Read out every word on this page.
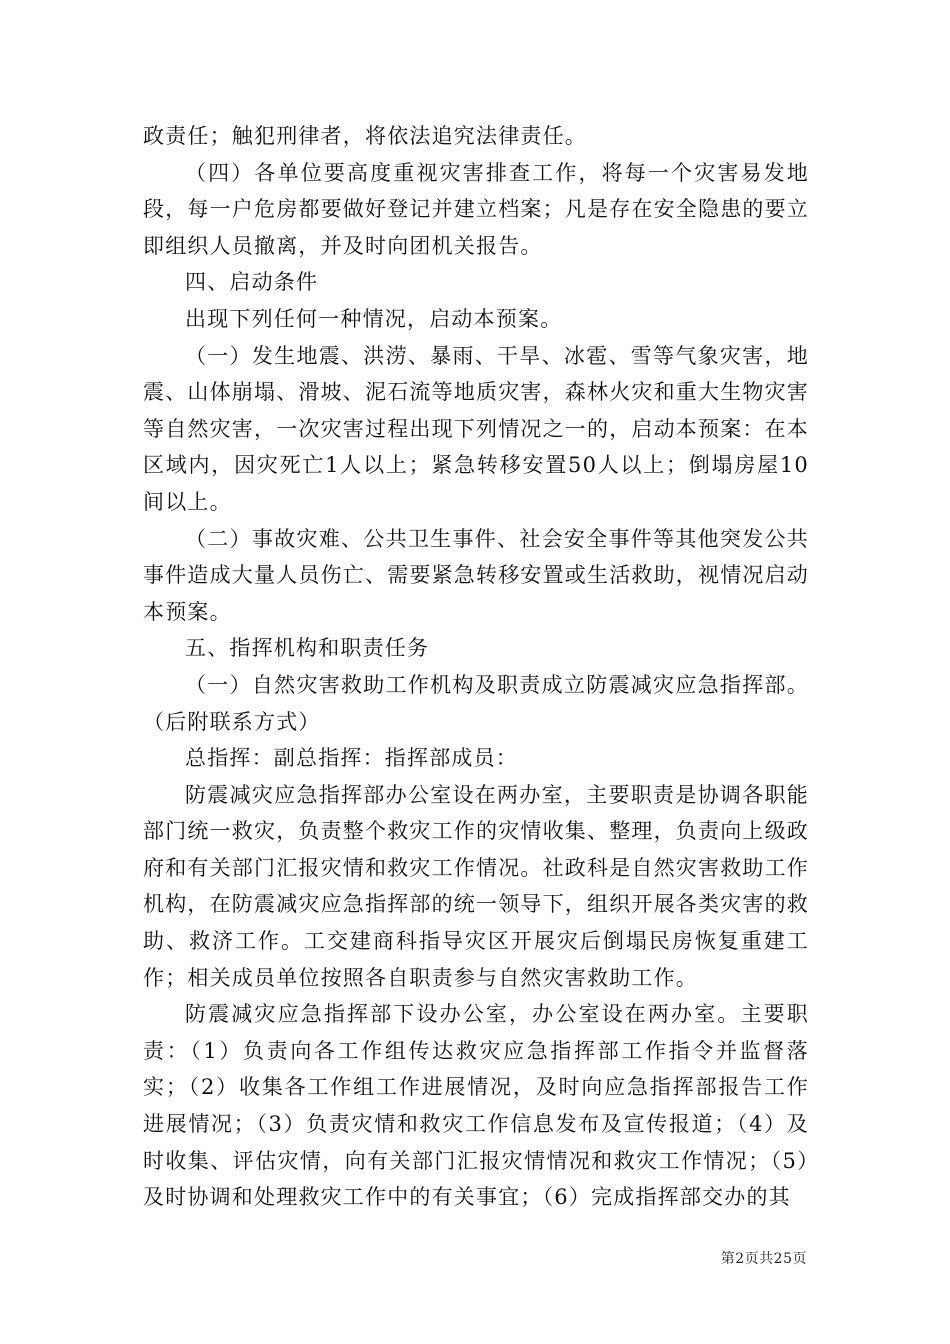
政责任；触犯刑律者，将依法追究法律责任。

（四）各单位要高度重视灾害排查工作，将每一个灾害易发地段，每一户危房都要做好登记并建立档案；凡是存在安全隐患的要立即组织人员撤离，并及时向团机关报告。

四、启动条件

出现下列任何一种情况，启动本预案。

（一）发生地震、洪涝、暴雨、干旱、冰雹、雪等气象灾害，地震、山体崩塌、滑坡、泥石流等地质灾害，森林火灾和重大生物灾害等自然灾害，一次灾害过程出现下列情况之一的，启动本预案：在本区域内，因灾死亡1人以上；紧急转移安置50人以上；倒塌房屋10间以上。

（二）事故灾难、公共卫生事件、社会安全事件等其他突发公共事件造成大量人员伤亡、需要紧急转移安置或生活救助，视情况启动本预案。

五、指挥机构和职责任务

（一）自然灾害救助工作机构及职责成立防震减灾应急指挥部。（后附联系方式）

总指挥：副总指挥：指挥部成员：

防震减灾应急指挥部办公室设在两办室，主要职责是协调各职能部门统一救灾，负责整个救灾工作的灾情收集、整理，负责向上级政府和有关部门汇报灾情和救灾工作情况。社政科是自然灾害救助工作机构，在防震减灾应急指挥部的统一领导下，组织开展各类灾害的救助、救济工作。工交建商科指导灾区开展灾后倒塌民房恢复重建工作；相关成员单位按照各自职责参与自然灾害救助工作。

防震减灾应急指挥部下设办公室，办公室设在两办室。主要职责：（1）负责向各工作组传达救灾应急指挥部工作指令并监督落实；（2）收集各工作组工作进展情况，及时向应急指挥部报告工作进展情况；（3）负责灾情和救灾工作信息发布及宣传报道；（4）及时收集、评估灾情，向有关部门汇报灾情情况和救灾工作情况；（5）及时协调和处理救灾工作中的有关事宜；（6）完成指挥部交办的其

第2页共25页
